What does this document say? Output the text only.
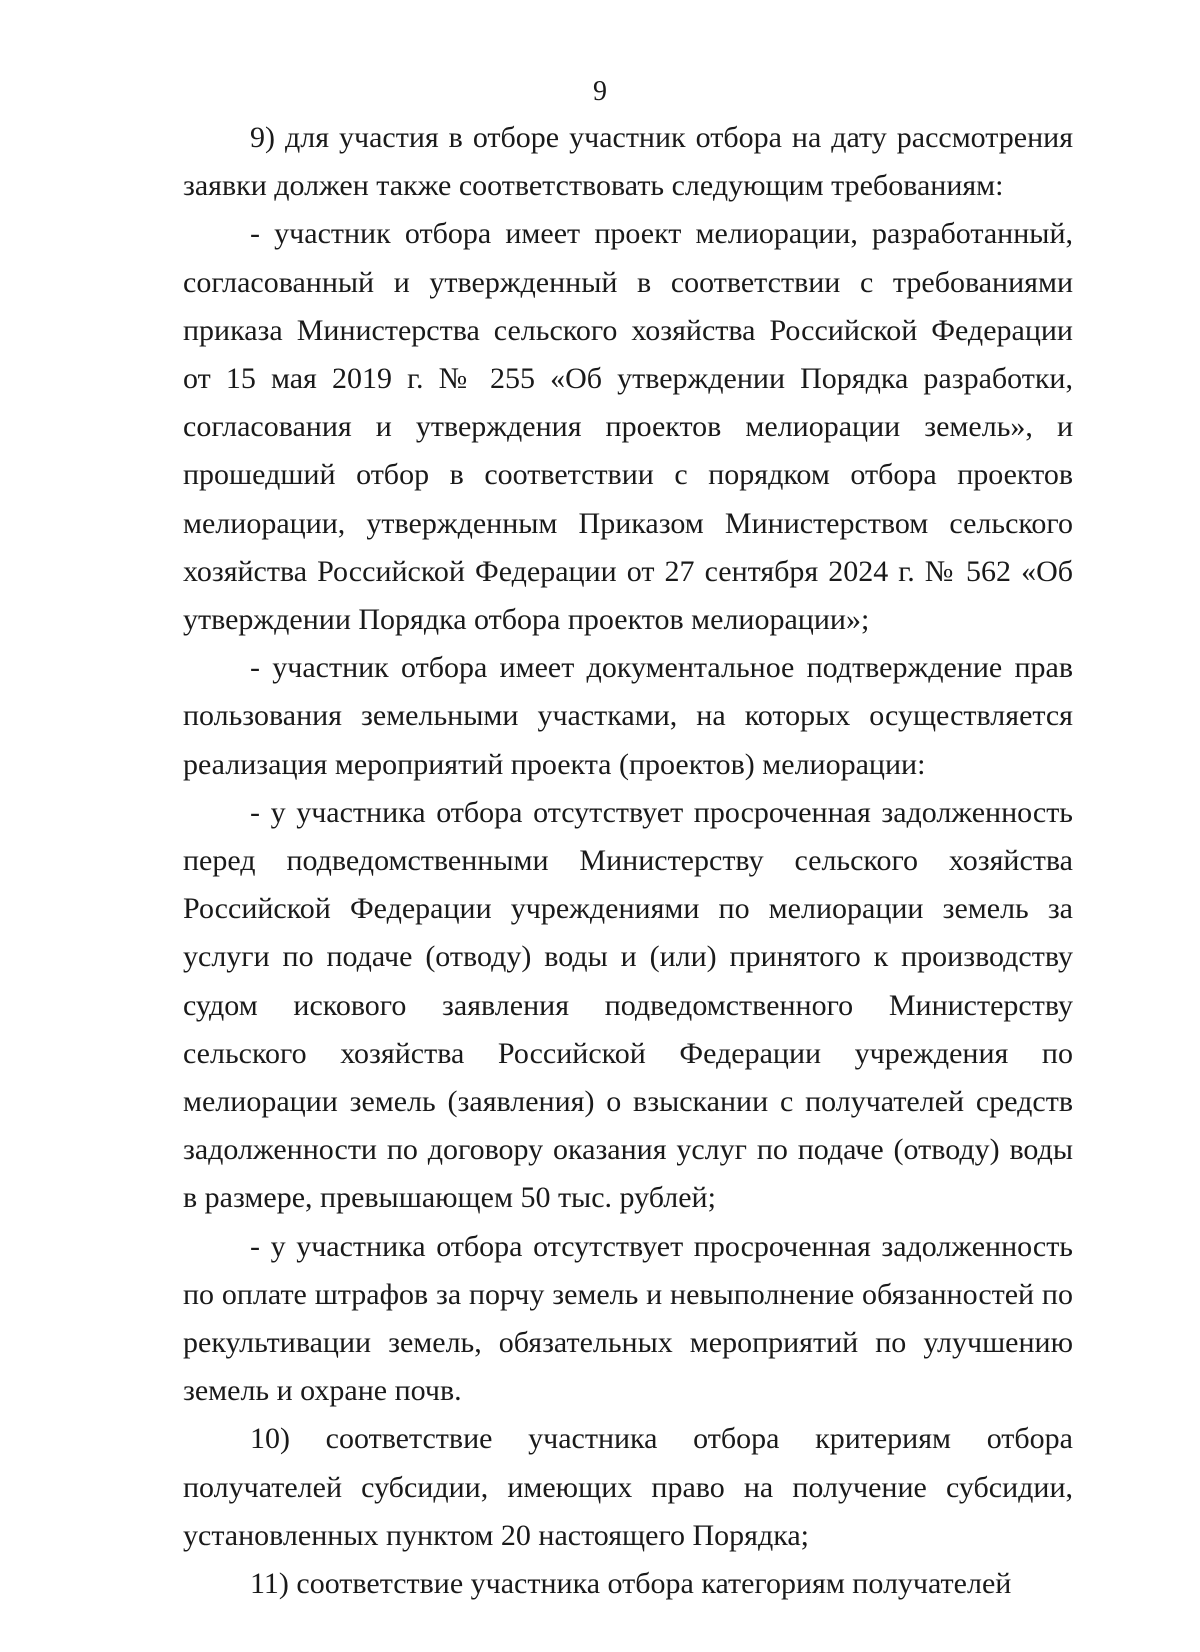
9

9) для участия в отборе участник отбора на дату рассмотрения заявки должен также соответствовать следующим требованиям:

- участник отбора имеет проект мелиорации, разработанный, согласованный и утвержденный в соответствии с требованиями приказа Министерства сельского хозяйства Российской Федерации от 15 мая 2019 г. № 255 «Об утверждении Порядка разработки, согласования и утверждения проектов мелиорации земель», и прошедший отбор в соответствии с порядком отбора проектов мелиорации, утвержденным Приказом Министерством сельского хозяйства Российской Федерации от 27 сентября 2024 г. № 562 «Об утверждении Порядка отбора проектов мелиорации»;

- участник отбора имеет документальное подтверждение прав пользования земельными участками, на которых осуществляется реализация мероприятий проекта (проектов) мелиорации:

- у участника отбора отсутствует просроченная задолженность перед подведомственными Министерству сельского хозяйства Российской Федерации учреждениями по мелиорации земель за услуги по подаче (отводу) воды и (или) принятого к производству судом искового заявления подведомственного Министерству сельского хозяйства Российской Федерации учреждения по мелиорации земель (заявления) о взыскании с получателей средств задолженности по договору оказания услуг по подаче (отводу) воды в размере, превышающем 50 тыс. рублей;

- у участника отбора отсутствует просроченная задолженность по оплате штрафов за порчу земель и невыполнение обязанностей по рекультивации земель, обязательных мероприятий по улучшению земель и охране почв.

10) соответствие участника отбора критериям отбора получателей субсидии, имеющих право на получение субсидии, установленных пунктом 20 настоящего Порядка;

11) соответствие участника отбора категориям получателей
